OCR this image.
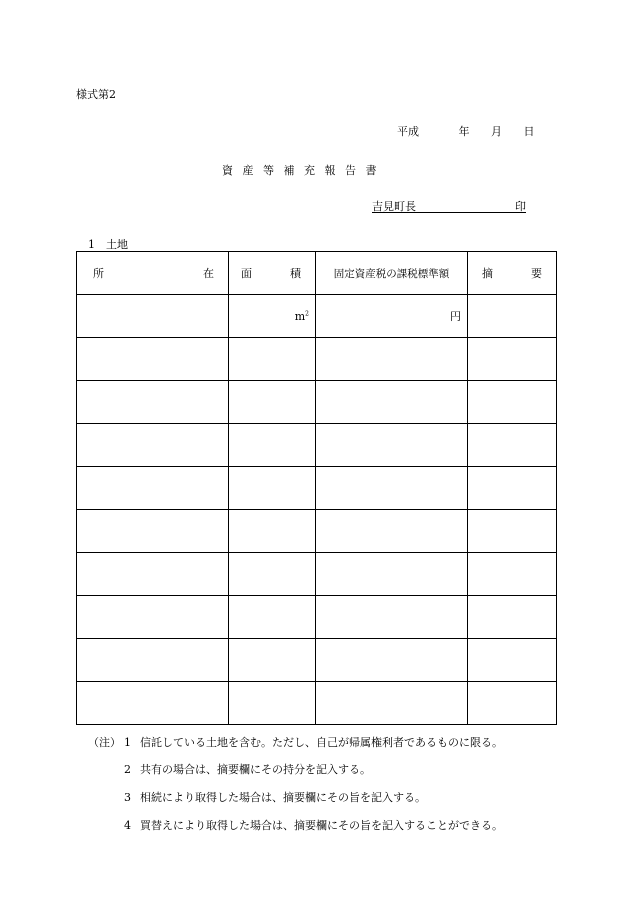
様式第2
平成	年 月 日
資産等補充報告書
吉見町長	印
1　土地
所 在	面 積	固定資産税の課税標準額	摘 要

	$m^2$	円	

（注） 1 信託している土地を含む。ただし、自己が帰属権利者であるものに限る。
2 共有の場合は、摘要欄にその持分を記入する。
3 相続により取得した場合は、摘要欄にその旨を記入する。
4 買替えにより取得した場合は、摘要欄にその旨を記入することができる。
